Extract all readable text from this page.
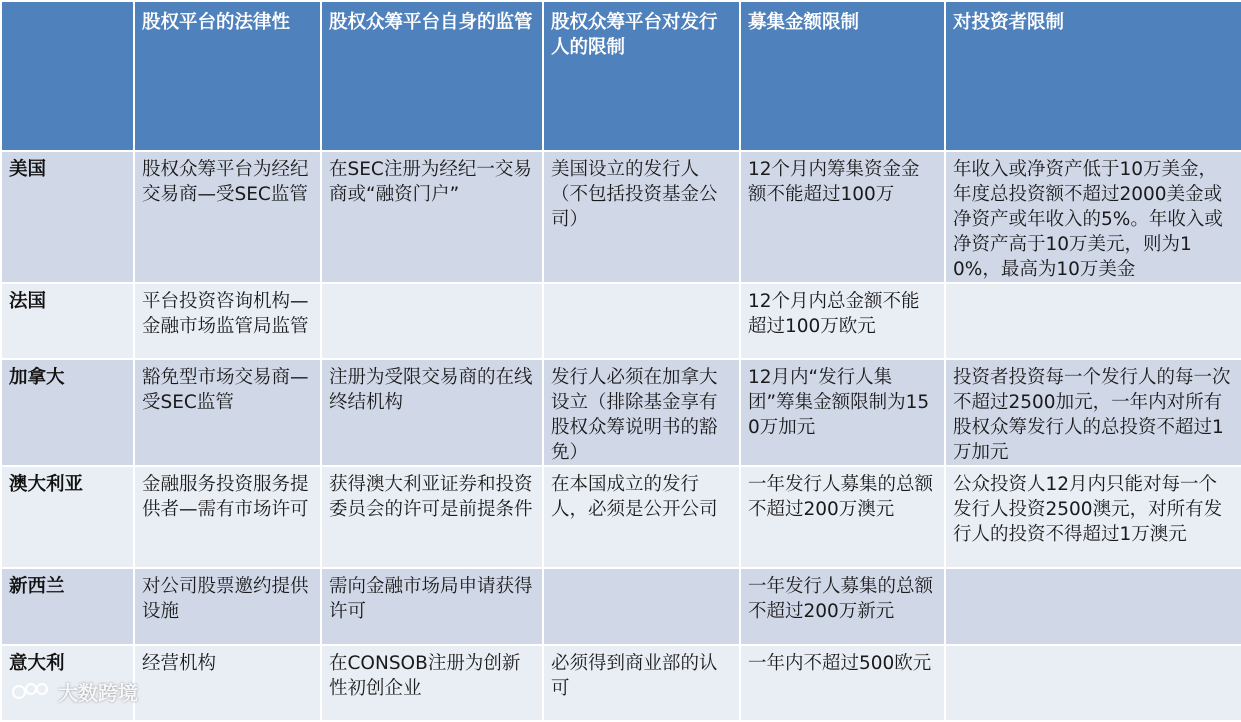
	股权平台的法律性	股权众筹平台自身的监管	股权众筹平台对发行人的限制	募集金额限制	对投资者限制
美国	股权众筹平台为经纪交易商—受SEC监管	在SEC注册为经纪一交易商或“融资门户”	美国设立的发行人（不包括投资基金公司）	12个月内筹集资金金额不能超过100万	年收入或净资产低于10万美金，年度总投资额不超过2000美金或净资产或年收入的5%。年收入或净资产高于10万美元，则为10%，最高为10万美金
法国	平台投资咨询机构—金融市场监管局监管			12个月内总金额不能超过100万欧元	
加拿大	豁免型市场交易商—受SEC监管	注册为受限交易商的在线终结机构	发行人必须在加拿大设立（排除基金享有股权众筹说明书的豁免）	12月内“发行人集团”筹集金额限制为150万加元	投资者投资每一个发行人的每一次不超过2500加元，一年内对所有股权众筹发行人的总投资不超过1万加元
澳大利亚	金融服务投资服务提供者—需有市场许可	获得澳大利亚证券和投资委员会的许可是前提条件	在本国成立的发行人，必须是公开公司	一年发行人募集的总额不超过200万澳元	公众投资人12月内只能对每一个发行人投资2500澳元，对所有发行人的投资不得超过1万澳元
新西兰	对公司股票邀约提供设施	需向金融市场局申请获得许可		一年发行人募集的总额不超过200万新元	
意大利	经营机构	在CONSOB注册为创新性初创企业	必须得到商业部的认可	一年内不超过500欧元	
大数跨境
